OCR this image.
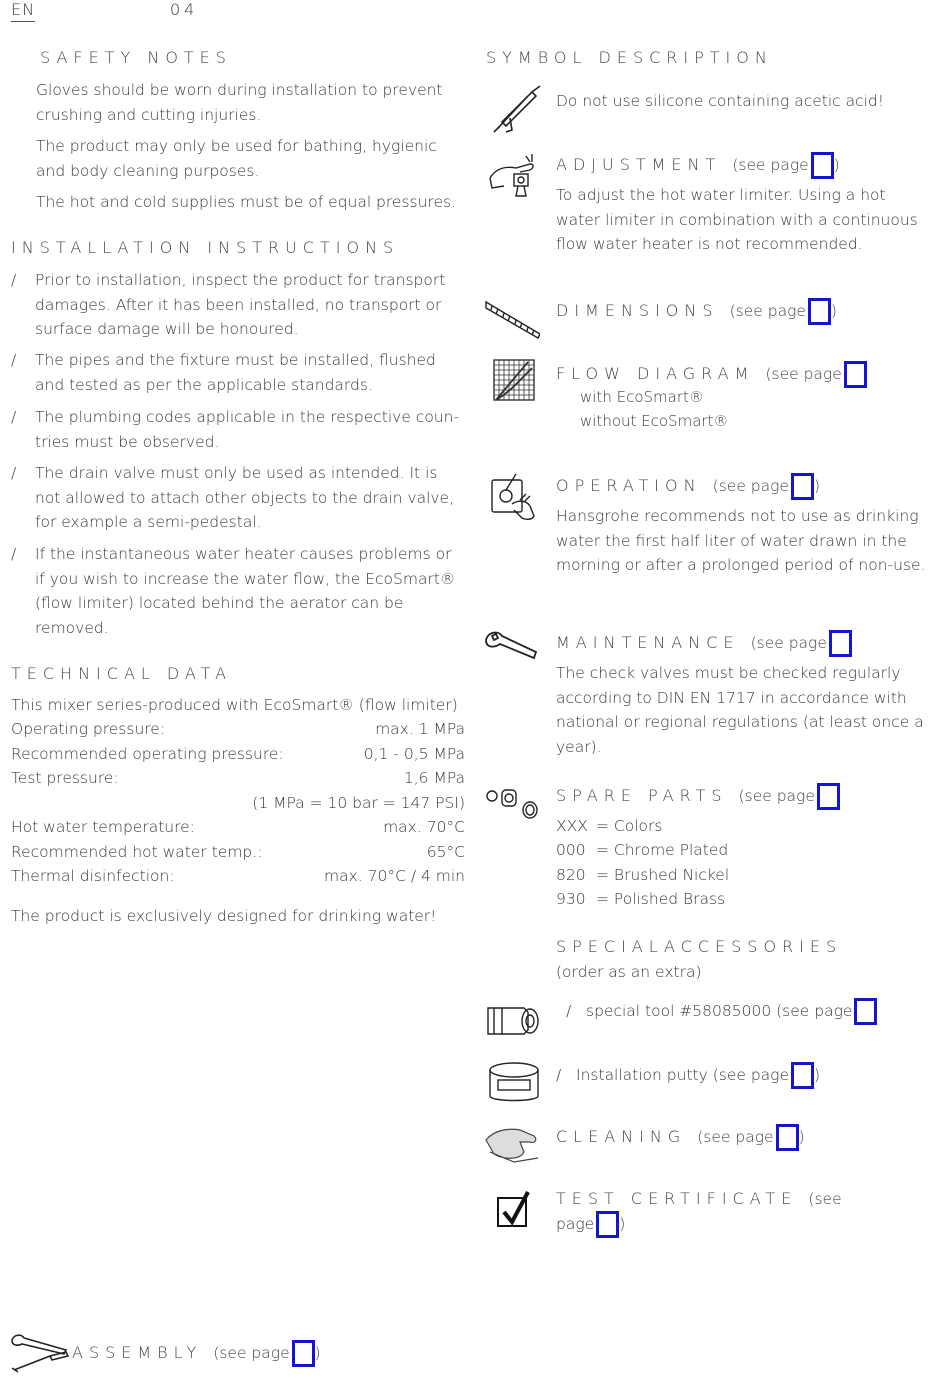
EN	04
SAFETY NOTES
Gloves should be worn during installation to prevent crushing and cutting injuries.
The product may only be used for bathing, hygienic and body cleaning purposes.
The hot and cold supplies must be of equal pressures.
INSTALLATION INSTRUCTIONS
/ Prior to installation, inspect the product for transport damages. After it has been installed, no transport or surface damage will be honoured.
/ The pipes and the fixture must be installed, flushed and tested as per the applicable standards.
/ The plumbing codes applicable in the respective coun-tries must be observed.
/ The drain valve must only be used as intended. It is not allowed to attach other objects to the drain valve, for example a semi-pedestal.
/ If the instantaneous water heater causes problems or if you wish to increase the water flow, the EcoSmart® (flow limiter) located behind the aerator can be removed.
TECHNICAL DATA
This mixer series-produced with EcoSmart® (flow limiter)
Operating pressure:	max. 1 MPa
Recommended operating pressure:	0,1 - 0,5 MPa
Test pressure:	1,6 MPa
(1 MPa = 10 bar = 147 PSI)
Hot water temperature:	max. 70°C
Recommended hot water temp.:	65°C
Thermal disinfection:	max. 70°C / 4 min
The product is exclusively designed for drinking water!
SYMBOL DESCRIPTION
Do not use silicone containing acetic acid!
ADJUSTMENT (see page )
To adjust the hot water limiter. Using a hot water limiter in combination with a continuous flow water heater is not recommended.
DIMENSIONS (see page )
FLOW DIAGRAM (see page
with EcoSmart®
without EcoSmart®
OPERATION (see page )
Hansgrohe recommends not to use as drinking water the first half liter of water drawn in the morning or after a prolonged period of non-use.
MAINTENANCE (see page
The check valves must be checked regularly according to DIN EN 1717 in accordance with national or regional regulations (at least once a year).
SPARE PARTS (see page
XXX = Colors
000 = Chrome Plated
820 = Brushed Nickel
930 = Polished Brass
SPECIALACCESSORIES
(order as an extra)
/ special tool #58085000 (see page
/ Installation putty (see page )
CLEANING (see page )
TEST CERTIFICATE (see
page )
ASSEMBLY (see page )
